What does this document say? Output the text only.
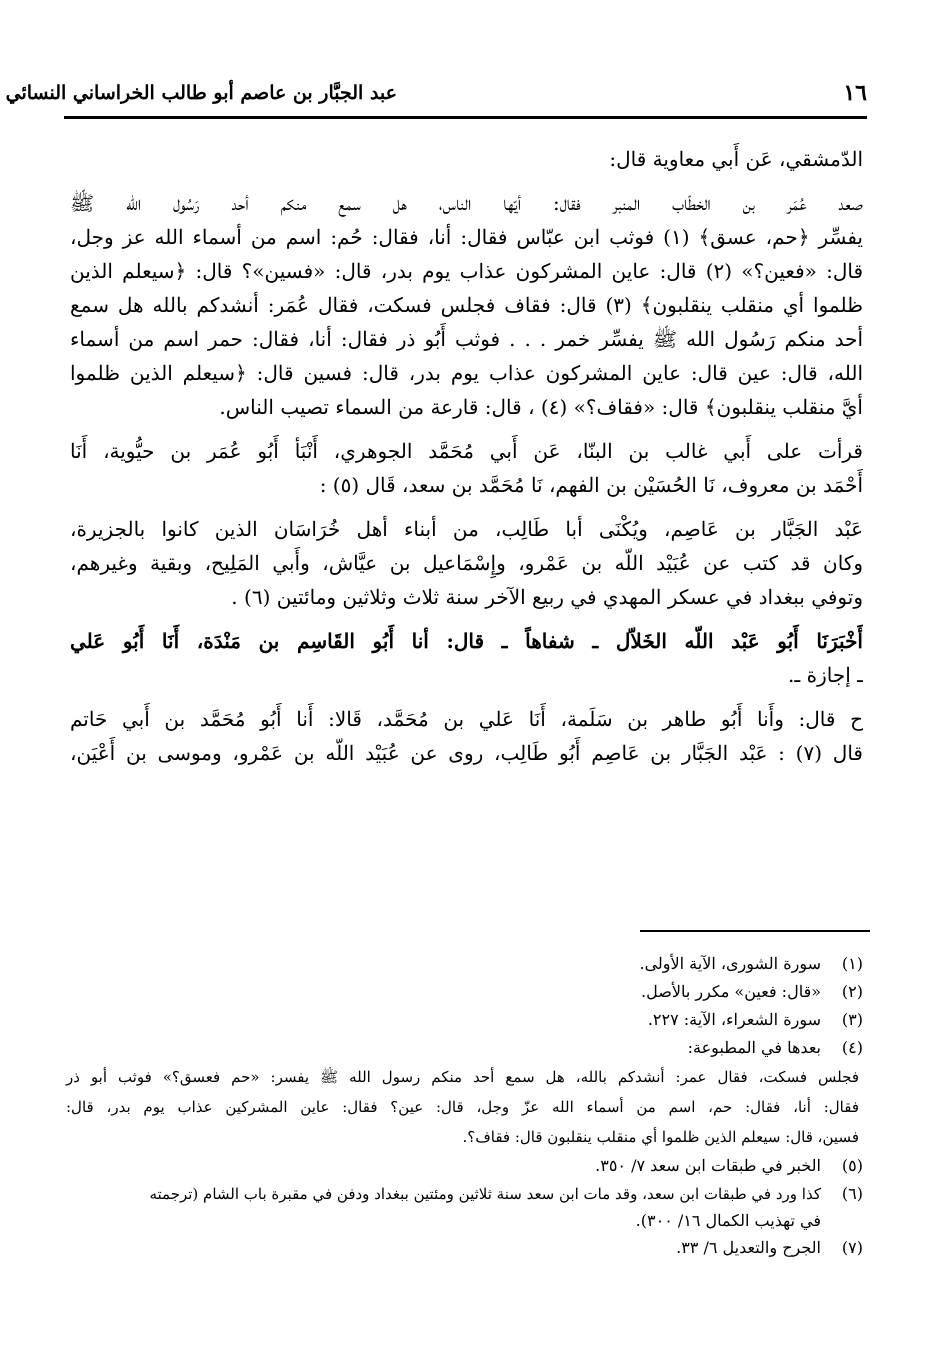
عبد الجبَّار بن عاصم أبو طالب الخراساني النسائي	١٦
الدّمشقي، عَن أَبي معاوية قال:
صعد عُمَر بن الخطّاب المنبر فقال: أيّها الناس، هل سمع منكم أحد رَسُول الله ﷺ
يفسِّر ﴿حم، عسق﴾ (١) فوثب ابن عبّاس فقال: أنا، فقال: حُم: اسم من أسماء الله عز وجل،
قال: «فعين؟» (٢) قال: عاين المشركون عذاب يوم بدر، قال: «فسين»؟ قال: ﴿سيعلم الذين
ظلموا أي منقلب ينقلبون﴾ (٣) قال: فقاف فجلس فسكت، فقال عُمَر: أنشدكم بالله هل سمع
أحد منكم رَسُول الله ﷺ يفسِّر خمر . . . فوثب أَبُو ذر فقال: أنا، فقال: حمر اسم من أسماء
الله، قال: عين قال: عاين المشركون عذاب يوم بدر، قال: فسين قال: ﴿سيعلم الذين ظلموا
أيَّ منقلب ينقلبون﴾ قال: «فقاف؟» (٤) ، قال: قارعة من السماء تصيب الناس.
قرأت على أَبي غالب بن البنّا، عَن أَبي مُحَمَّد الجوهري، أَنْبَأ أَبُو عُمَر بن حيُّوية، أَنَا
أَحْمَد بن معروف، نَا الحُسَيْن بن الفهم، نَا مُحَمَّد بن سعد، قَال (٥) :
عَبْد الجَبَّار بن عَاصِم، ويُكْنَى أبا طَالِب، من أبناء أهل خُرَاسَان الذين كانوا بالجزيرة،
وكان قد كتب عن عُبَيْد اللّه بن عَمْرو، وإِسْمَاعيل بن عيَّاش، وأَبي المَلِيح، وبقية وغيرهم،
وتوفي ببغداد في عسكر المهدي في ربيع الآخر سنة ثلاث وثلاثين ومائتين (٦) .
أَخْبَرَنَا أَبُو عَبْد اللّه الخَلاّل ـ شفاهاً ـ قال: أنا أَبُو القَاسِم بن مَنْدَة، أَنَا أَبُو عَلي
ـ إجازة ـ.
ح قال: وأَنا أَبُو طاهر بن سَلَمة، أَنَا عَلي بن مُحَمَّد، قَالا: أَنا أَبُو مُحَمَّد بن أَبي حَاتم
قال (٧) : عَبْد الجَبَّار بن عَاصِم أَبُو طَالِب، روى عن عُبَيْد اللّه بن عَمْرو، وموسى بن أَعْيَن،
(١)
سورة الشورى، الآية الأولى.
(٢)
«قال: فعين» مكرر بالأصل.
(٣)
سورة الشعراء، الآية: ٢٢٧.
(٤)
بعدها في المطبوعة:
فجلس فسكت، فقال عمر: أنشدكم بالله، هل سمع أحد منكم رسول الله ﷺ يفسر: «حم فعسق؟» فوثب أبو ذر
فقال: أنا، فقال: حم، اسم من أسماء الله عزّ وجل، قال: عين؟ فقال: عاين المشركين عذاب يوم بدر، قال:
فسين، قال: سيعلم الذين ظلموا أي منقلب ينقلبون قال: فقاف؟.
(٥)
الخبر في طبقات ابن سعد ٧/ ٣٥٠.
(٦)
كذا ورد في طبقات ابن سعد، وقد مات ابن سعد سنة ثلاثين ومئتين ببغداد ودفن في مقبرة باب الشام (ترجمته
في تهذيب الكمال ١٦/ ٣٠٠).
(٧)
الجرح والتعديل ٦/ ٣٣.
